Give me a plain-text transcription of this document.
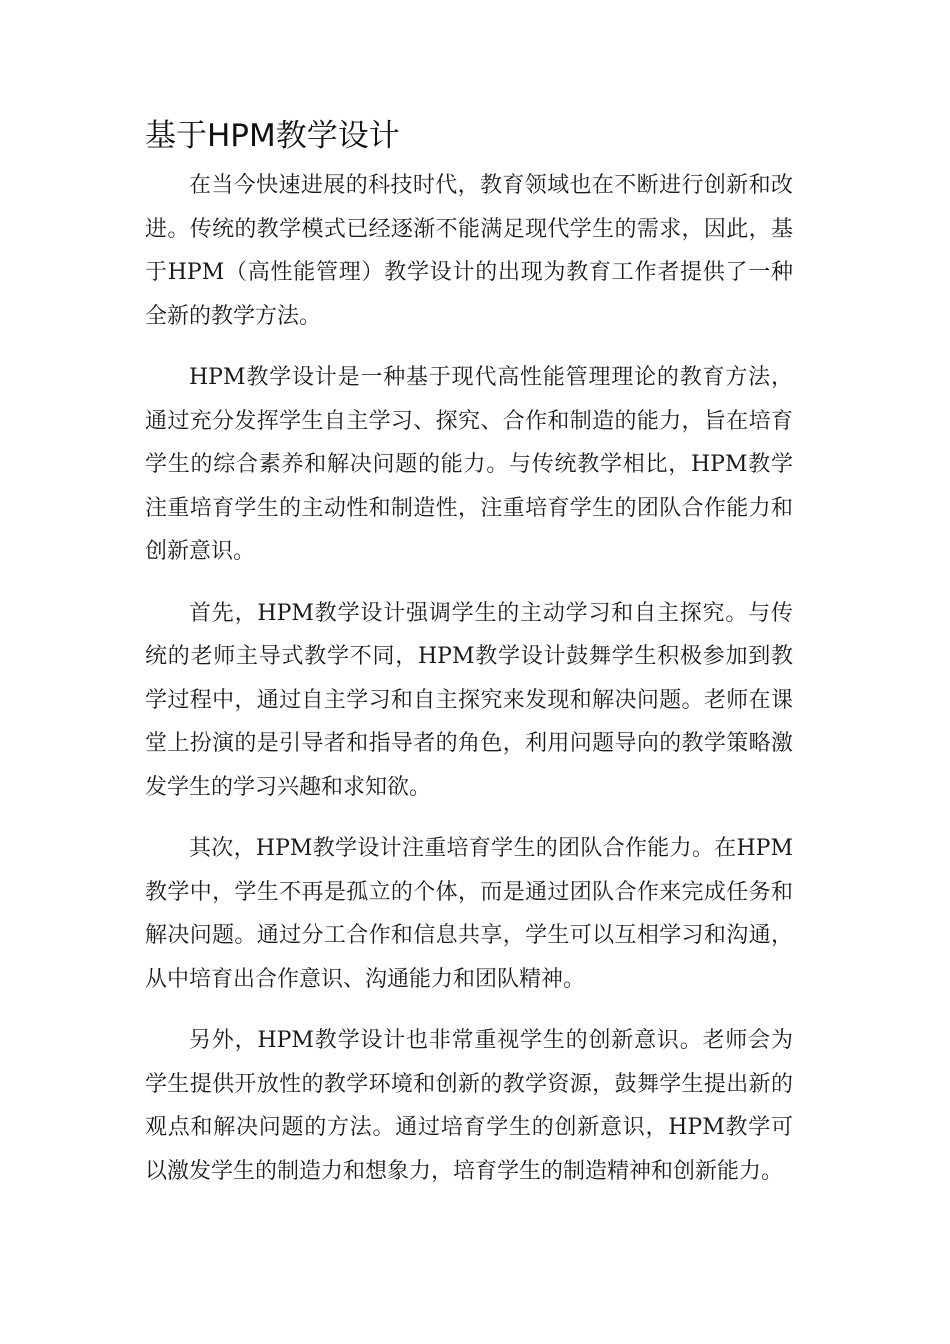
基于HPM教学设计

在当今快速进展的科技时代，教育领域也在不断进行创新和改进。传统的教学模式已经逐渐不能满足现代学生的需求，因此，基于HPM（高性能管理）教学设计的出现为教育工作者提供了一种全新的教学方法。

HPM教学设计是一种基于现代高性能管理理论的教育方法，通过充分发挥学生自主学习、探究、合作和制造的能力，旨在培育学生的综合素养和解决问题的能力。与传统教学相比，HPM教学注重培育学生的主动性和制造性，注重培育学生的团队合作能力和创新意识。

首先，HPM教学设计强调学生的主动学习和自主探究。与传统的老师主导式教学不同，HPM教学设计鼓舞学生积极参加到教学过程中，通过自主学习和自主探究来发现和解决问题。老师在课堂上扮演的是引导者和指导者的角色，利用问题导向的教学策略激发学生的学习兴趣和求知欲。

其次，HPM教学设计注重培育学生的团队合作能力。在HPM教学中，学生不再是孤立的个体，而是通过团队合作来完成任务和解决问题。通过分工合作和信息共享，学生可以互相学习和沟通，从中培育出合作意识、沟通能力和团队精神。

另外，HPM教学设计也非常重视学生的创新意识。老师会为学生提供开放性的教学环境和创新的教学资源，鼓舞学生提出新的观点和解决问题的方法。通过培育学生的创新意识，HPM教学可以激发学生的制造力和想象力，培育学生的制造精神和创新能力。
